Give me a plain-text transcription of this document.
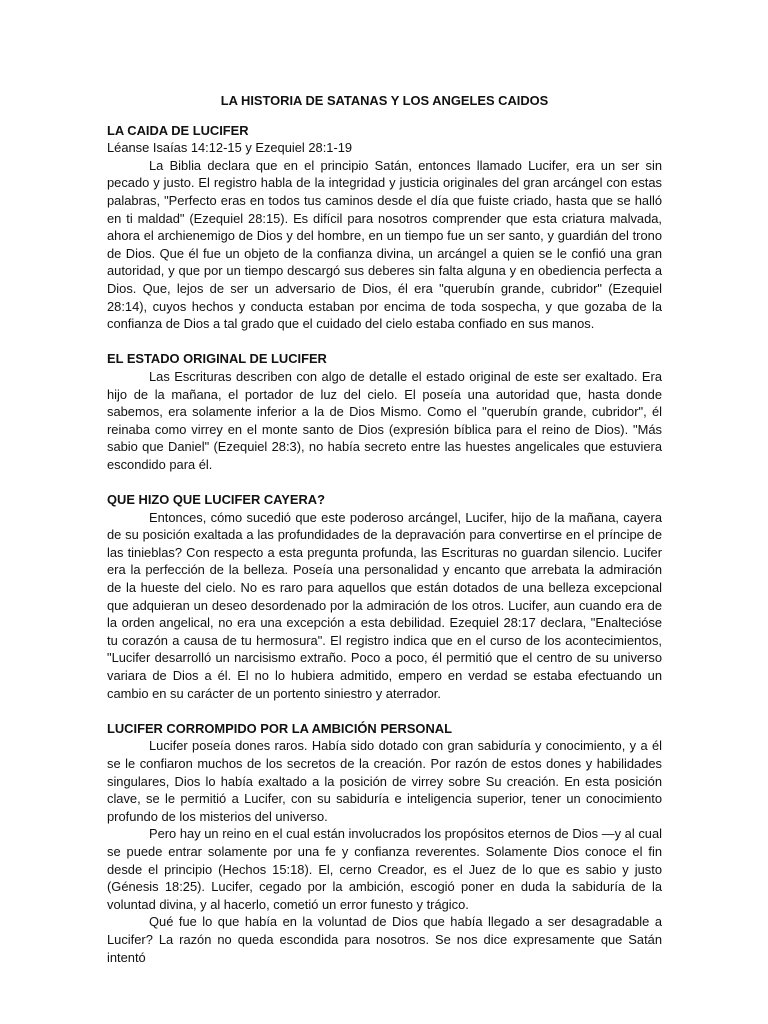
LA HISTORIA DE SATANAS Y LOS ANGELES CAIDOS
LA CAIDA DE LUCIFER
Léanse Isaías 14:12-15 y Ezequiel 28:1-19

La Biblia declara que en el principio Satán, entonces llamado Lucifer, era un ser sin pecado y justo. El registro habla de la integridad y justicia originales del gran arcángel con estas palabras, "Perfecto eras en todos tus caminos desde el día que fuiste criado, hasta que se halló en ti maldad" (Ezequiel 28:15). Es difícil para nosotros comprender que esta criatura malvada, ahora el archienemigo de Dios y del hombre, en un tiempo fue un ser santo, y guardián del trono de Dios. Que él fue un objeto de la confianza divina, un arcángel a quien se le confió una gran autoridad, y que por un tiempo descargó sus deberes sin falta alguna y en obediencia perfecta a Dios. Que, lejos de ser un adversario de Dios, él era "querubín grande, cubridor" (Ezequiel 28:14), cuyos hechos y conducta estaban por encima de toda sospecha, y que gozaba de la confianza de Dios a tal grado que el cuidado del cielo estaba confiado en sus manos.

EL ESTADO ORIGINAL DE LUCIFER

Las Escrituras describen con algo de detalle el estado original de este ser exaltado. Era hijo de la mañana, el portador de luz del cielo. El poseía una autoridad que, hasta donde sabemos, era solamente inferior a la de Dios Mismo. Como el "querubín grande, cubridor", él reinaba como virrey en el monte santo de Dios (expresión bíblica para el reino de Dios). "Más sabio que Daniel" (Ezequiel 28:3), no había secreto entre las huestes angelicales que estuviera escondido para él.

QUE HIZO QUE LUCIFER CAYERA?

Entonces, cómo sucedió que este poderoso arcángel, Lucifer, hijo de la mañana, cayera de su posición exaltada a las profundidades de la depravación para convertirse en el príncipe de las tinieblas? Con respecto a esta pregunta profunda, las Escrituras no guardan silencio. Lucifer era la perfección de la belleza. Poseía una personalidad y encanto que arrebata la admiración de la hueste del cielo. No es raro para aquellos que están dotados de una belleza excepcional que adquieran un deseo desordenado por la admiración de los otros. Lucifer, aun cuando era de la orden angelical, no era una excepción a esta debilidad. Ezequiel 28:17 declara, "Enaltecióse tu corazón a causa de tu hermosura". El registro indica que en el curso de los acontecimientos, "Lucifer desarrolló un narcisismo extraño. Poco a poco, él permitió que el centro de su universo variara de Dios a él. El no lo hubiera admitido, empero en verdad se estaba efectuando un cambio en su carácter de un portento siniestro y aterrador.

LUCIFER CORROMPIDO POR LA AMBICIÓN PERSONAL

Lucifer poseía dones raros. Había sido dotado con gran sabiduría y conocimiento, y a él se le confiaron muchos de los secretos de la creación. Por razón de estos dones y habilidades singulares, Dios lo había exaltado a la posición de virrey sobre Su creación. En esta posición clave, se le permitió a Lucifer, con su sabiduría e inteligencia superior, tener un conocimiento profundo de los misterios del universo.

Pero hay un reino en el cual están involucrados los propósitos eternos de Dios —y al cual se puede entrar solamente por una fe y confianza reverentes. Solamente Dios conoce el fin desde el principio (Hechos 15:18). El, cerno Creador, es el Juez de lo que es sabio y justo (Génesis 18:25). Lucifer, cegado por la ambición, escogió poner en duda la sabiduría de la voluntad divina, y al hacerlo, cometió un error funesto y trágico.

Qué fue lo que había en la voluntad de Dios que había llegado a ser desagradable a Lucifer? La razón no queda escondida para nosotros. Se nos dice expresamente que Satán intentó
